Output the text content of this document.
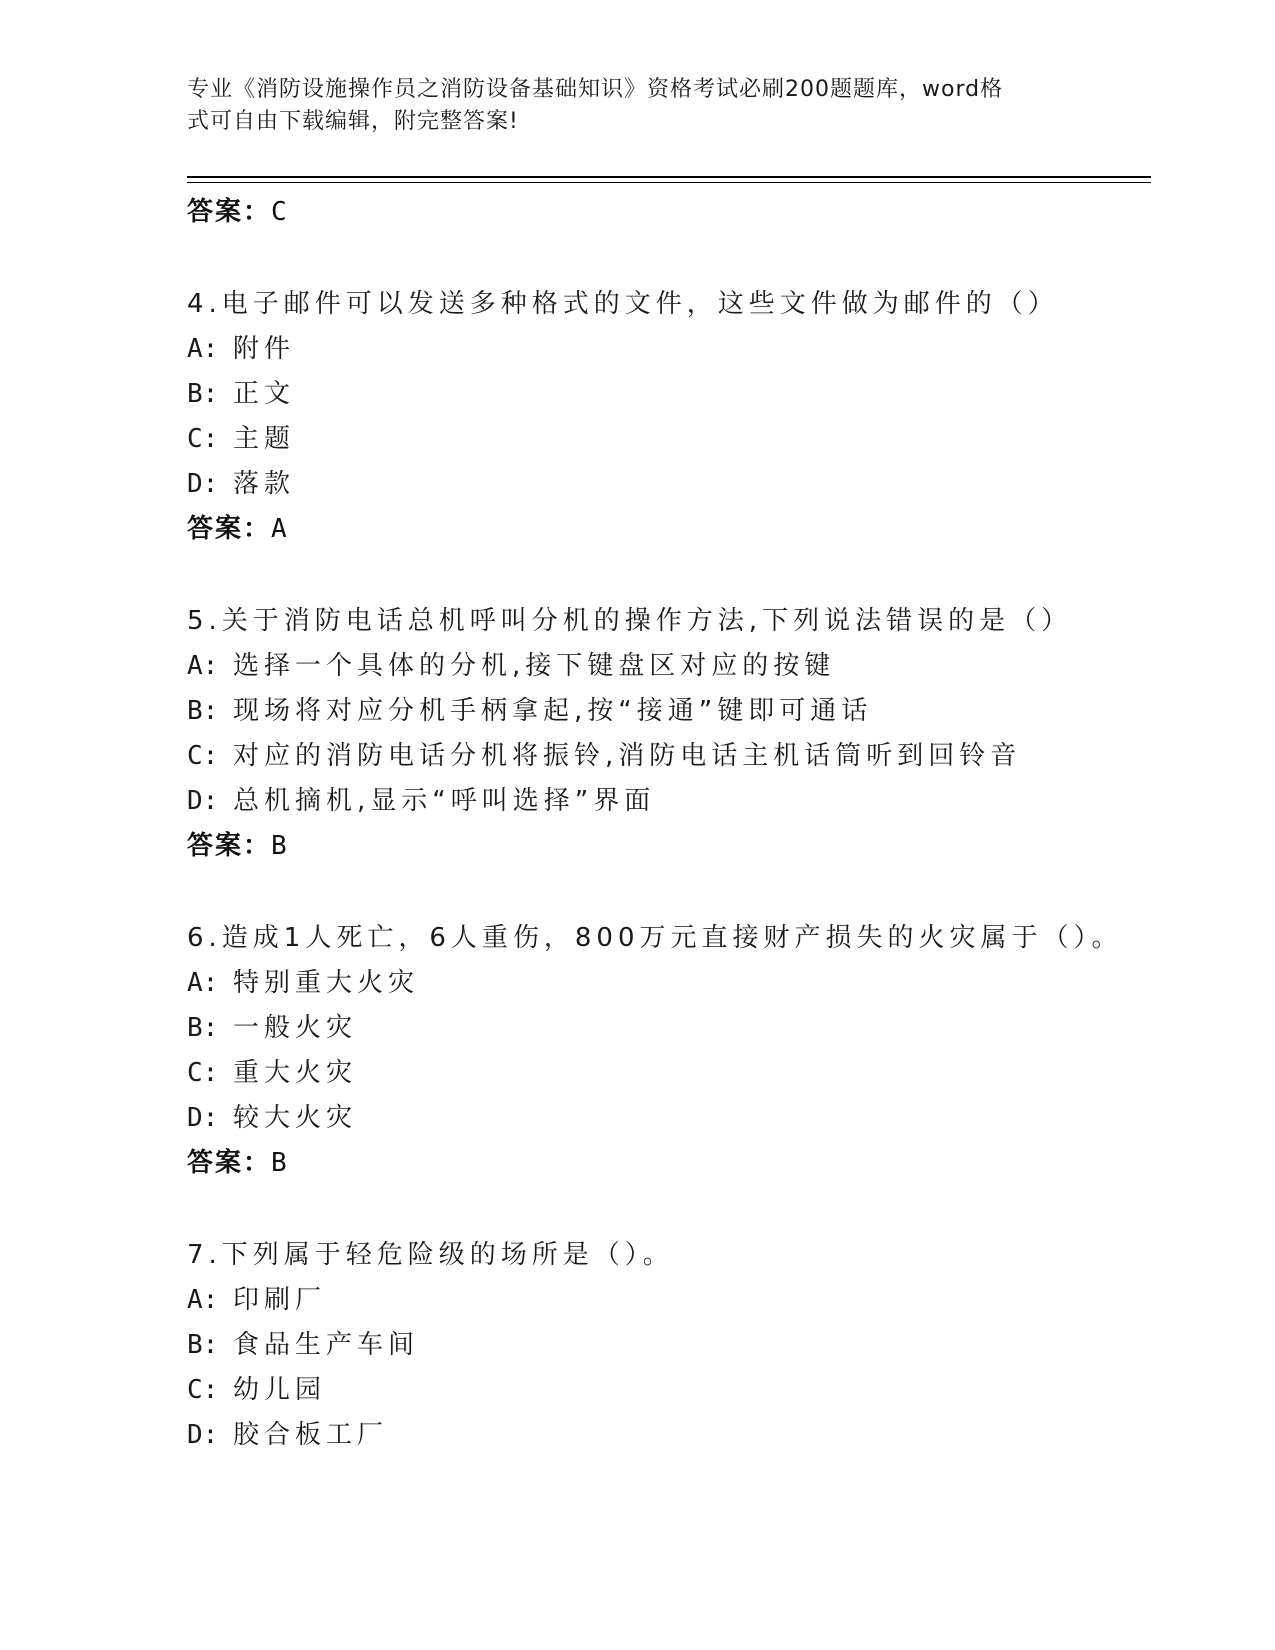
专业《消防设施操作员之消防设备基础知识》资格考试必刷200题题库，word格
式可自由下载编辑，附完整答案!
答案：C
4.电子邮件可以发送多种格式的文件，这些文件做为邮件的（）
A: 附件
B: 正文
C: 主题
D: 落款
答案：A
5.关于消防电话总机呼叫分机的操作方法,下列说法错误的是（）
A: 选择一个具体的分机,接下键盘区对应的按键
B: 现场将对应分机手柄拿起,按“接通”键即可通话
C: 对应的消防电话分机将振铃,消防电话主机话筒听到回铃音
D: 总机摘机,显示“呼叫选择”界面
答案：B
6.造成1人死亡，6人重伤，800万元直接财产损失的火灾属于（）。
A: 特别重大火灾
B: 一般火灾
C: 重大火灾
D: 较大火灾
答案：B
7.下列属于轻危险级的场所是（）。
A: 印刷厂
B: 食品生产车间
C: 幼儿园
D: 胶合板工厂
